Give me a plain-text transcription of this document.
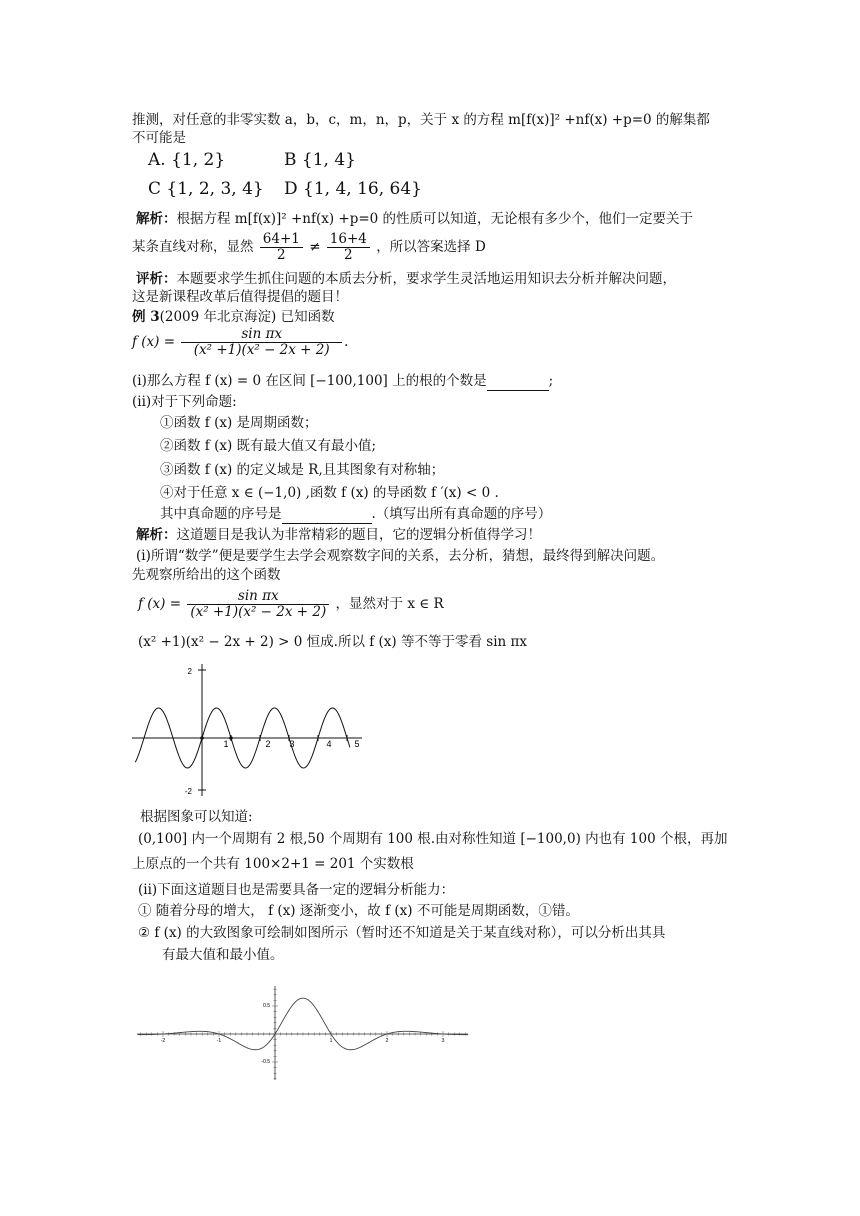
推测，对任意的非零实数 a，b，c，m，n，p，关于 x 的方程 m[f(x)]² +nf(x) +p=0 的解集都
不可能是
A. {1, 2}	B {1, 4}
C {1, 2, 3, 4} D {1, 4, 16, 64}
解析：根据方程 m[f(x)]² +nf(x) +p=0 的性质可以知道，无论根有多少个，他们一定要关于
某条直线对称，显然 $\frac{64+1}{2} \ne \frac{16+4}{2}$ ，所以答案选择 D
评析：本题要求学生抓住问题的本质去分析，要求学生灵活地运用知识去分析并解决问题，
这是新课程改革后值得提倡的题目！
例 3(2009 年北京海淀) 已知函数
f $(x) = \frac{\text{sin πx}}{\text{(x² +1)(x² − 2x + 2)}}$ .
(i)那么方程 f (x) = 0 在区间 [−100,100] 上的根的个数是	;
(ii)对于下列命题:
①函数 f (x) 是周期函数；
②函数 f (x) 既有最大值又有最小值;
③函数 f (x) 的定义域是 R,且其图象有对称轴；
④对于任意 x ∈ (−1,0) ,函数 f (x) 的导函数 f ′(x) < 0 .
其中真命题的序号是	.（填写出所有真命题的序号）
解析：这道题目是我认为非常精彩的题目，它的逻辑分析值得学习！
(i)所谓“数学”便是要学生去学会观察数字间的关系，去分析，猜想，最终得到解决问题。
先观察所给出的这个函数
f $(x) = \frac{\text{sin πx}}{\text{(x² +1)(x² − 2x + 2)}}$ ，显然对于 x ∈ R
(x² +1)(x² − 2x + 2) > 0 恒成.所以 f (x) 等不等于零看 sin πx
2
-2
1	2 3	4	5
根据图象可以知道:
(0,100] 内一个周期有 2 根,50 个周期有 100 根.由对称性知道 [−100,0) 内也有 100 个根，再加
上原点的一个共有 100×2+1 = 201 个实数根
(ii)下面这道题目也是需要具备一定的逻辑分析能力：
① 随着分母的增大， f (x) 逐渐变小，故 f (x) 不可能是周期函数，①错。
② f (x) 的大致图象可绘制如图所示（暂时还不知道是关于某直线对称），可以分析出其具
有最大值和最小值。
0.5
-0.5
-2	-1	1	2	3
